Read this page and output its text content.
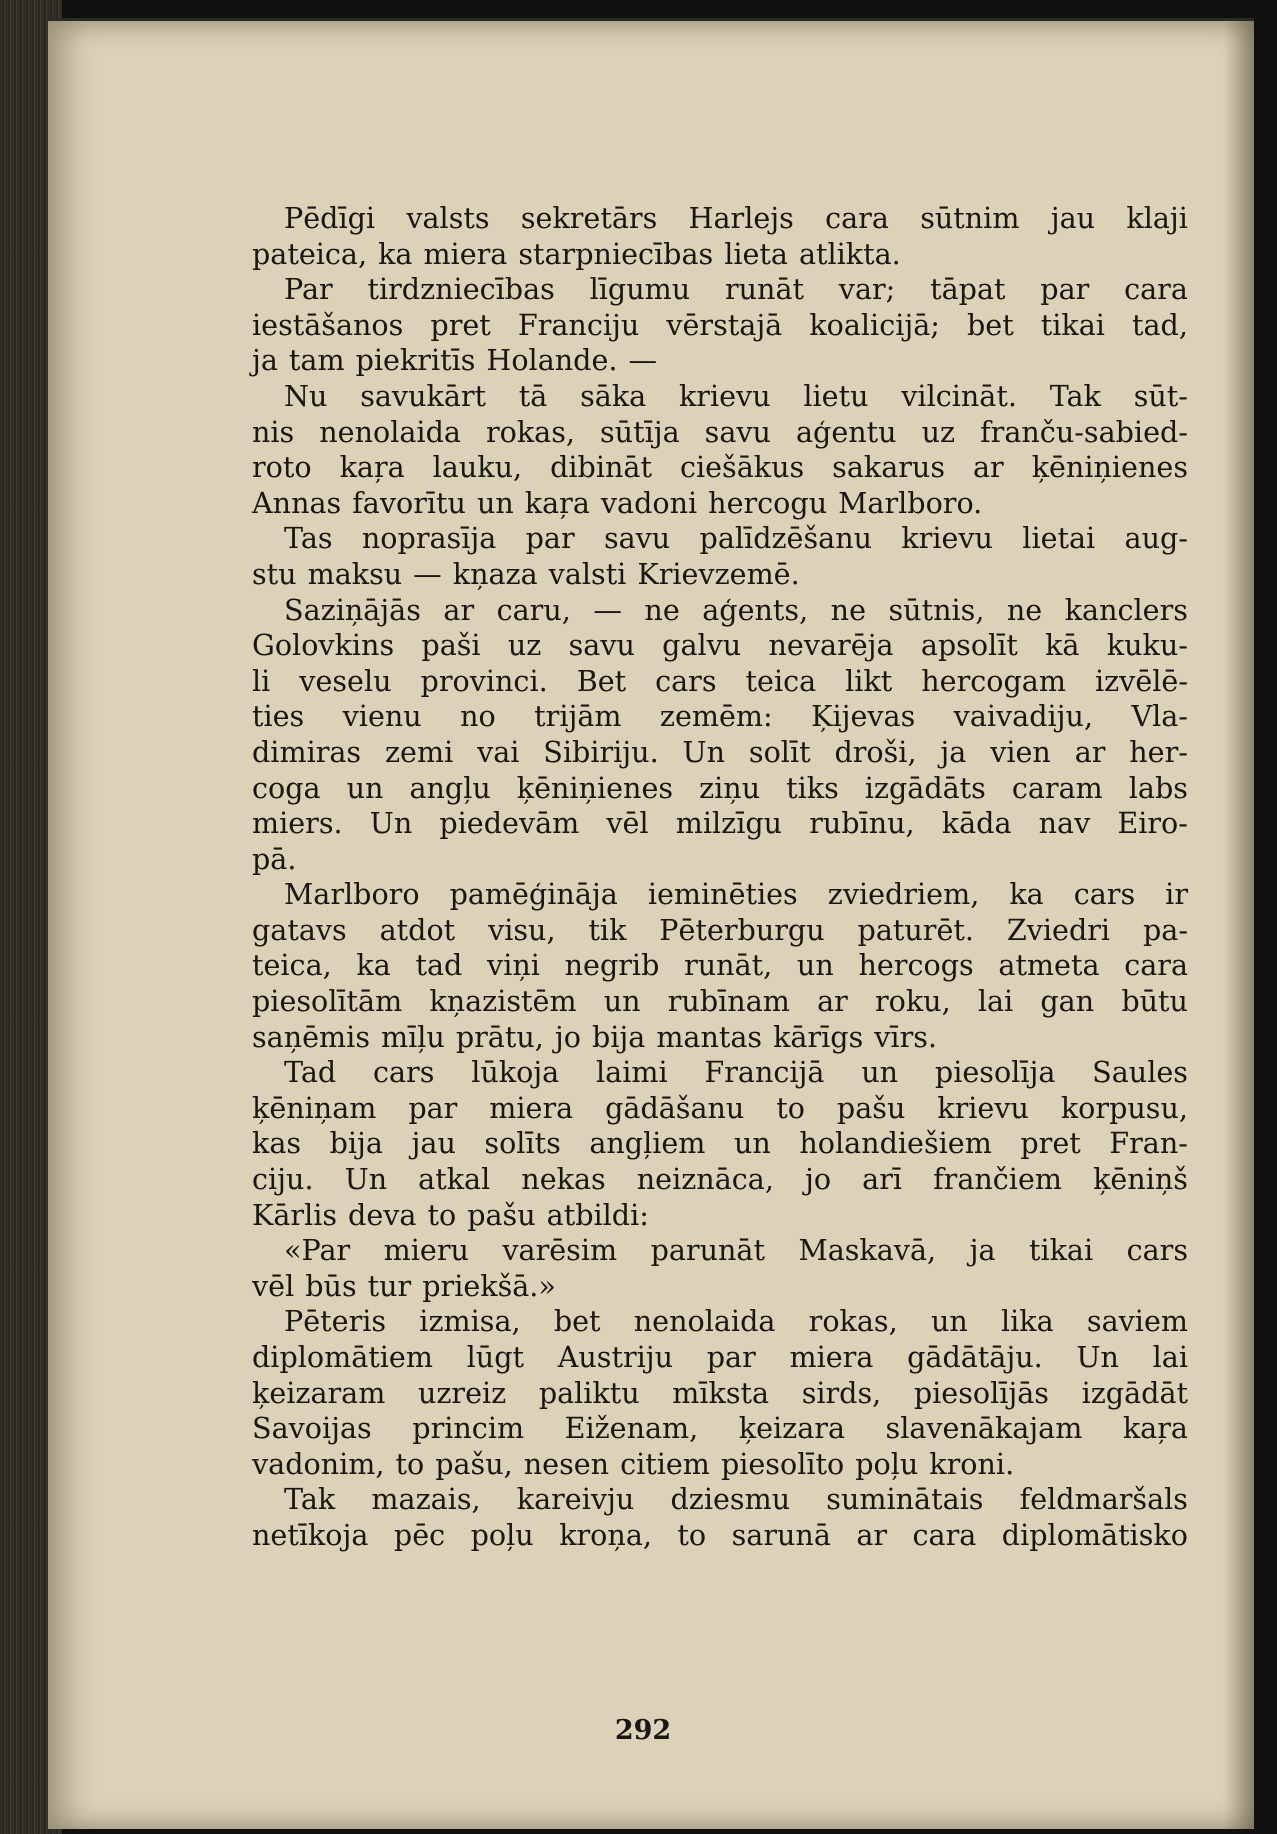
Pēdīgi valsts sekretārs Harlejs cara sūtnim jau klaji
pateica, ka miera starpniecības lieta atlikta.
Par tirdzniecības līgumu runāt var; tāpat par cara
iestāšanos pret Franciju vērstajā koalicijā; bet tikai tad,
ja tam piekritīs Holande. —
Nu savukārt tā sāka krievu lietu vilcināt. Tak sūt-
nis nenolaida rokas, sūtīja savu aģentu uz franču-sabied-
roto kaŗa lauku, dibināt ciešākus sakarus ar ķēniņienes
Annas favorītu un kaŗa vadoni hercogu Marlboro.
Tas noprasīja par savu palīdzēšanu krievu lietai aug-
stu maksu — kņaza valsti Krievzemē.
Saziņājās ar caru, — ne aģents, ne sūtnis, ne kanclers
Golovkins paši uz savu galvu nevarēja apsolīt kā kuku-
li veselu provinci. Bet cars teica likt hercogam izvēlē-
ties vienu no trijām zemēm: Ķijevas vaivadiju, Vla-
dimiras zemi vai Sibiriju. Un solīt droši, ja vien ar her-
coga un angļu ķēniņienes ziņu tiks izgādāts caram labs
miers. Un piedevām vēl milzīgu rubīnu, kāda nav Eiro-
pā.
Marlboro pamēģināja ieminēties zviedriem, ka cars ir
gatavs atdot visu, tik Pēterburgu paturēt. Zviedri pa-
teica, ka tad viņi negrib runāt, un hercogs atmeta cara
piesolītām kņazistēm un rubīnam ar roku, lai gan būtu
saņēmis mīļu prātu, jo bija mantas kārīgs vīrs.
Tad cars lūkoja laimi Francijā un piesolīja Saules
ķēniņam par miera gādāšanu to pašu krievu korpusu,
kas bija jau solīts angļiem un holandiešiem pret Fran-
ciju. Un atkal nekas neiznāca, jo arī frančiem ķēniņš
Kārlis deva to pašu atbildi:
«Par mieru varēsim parunāt Maskavā, ja tikai cars
vēl būs tur priekšā.»
Pēteris izmisa, bet nenolaida rokas, un lika saviem
diplomātiem lūgt Austriju par miera gādātāju. Un lai
ķeizaram uzreiz paliktu mīksta sirds, piesolījās izgādāt
Savoijas princim Eiženam, ķeizara slavenākajam kaŗa
vadonim, to pašu, nesen citiem piesolīto poļu kroni.
Tak mazais, kareivju dziesmu suminātais feldmaršals
netīkoja pēc poļu kroņa, to sarunā ar cara diplomātisko
292
